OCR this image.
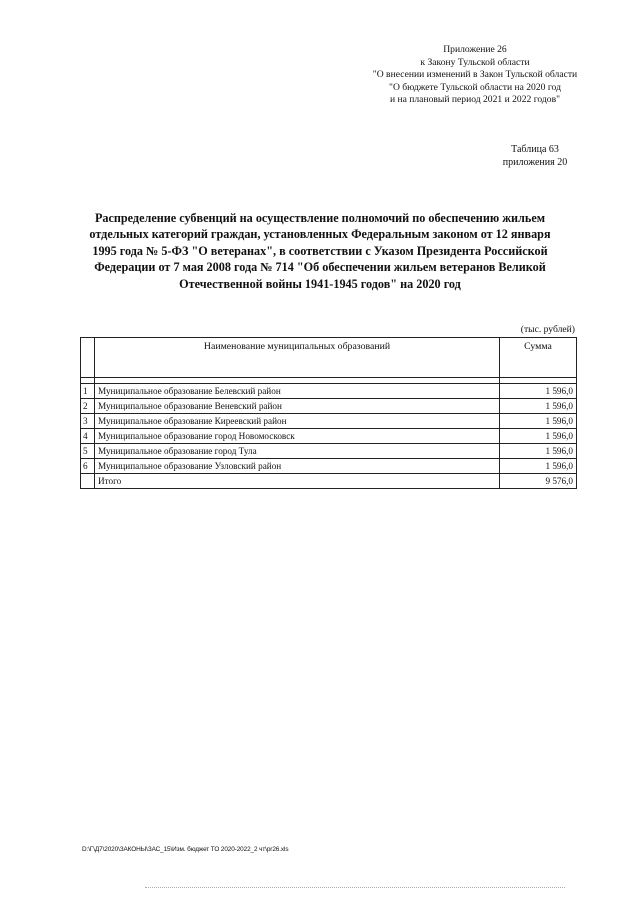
Приложение 26
к Закону Тульской области
"О внесении изменений в Закон Тульской области
"О бюджете Тульской области на 2020 год
и на плановый период 2021 и 2022 годов"
Таблица 63
приложения 20
Распределение субвенций на осуществление полномочий по обеспечению жильем
отдельных категорий граждан, установленных Федеральным законом от 12 января
1995 года № 5-ФЗ "О ветеранах", в соответствии с Указом Президента Российской
Федерации от 7 мая 2008 года № 714 "Об обеспечении жильем ветеранов Великой
Отечественной войны 1941-1945 годов" на 2020 год
(тыс. рублей)
	Наименование муниципальных образований	Сумма

1	Муниципальное образование Белевский район	1 596,0
2	Муниципальное образование Веневский район	1 596,0
3	Муниципальное образование Киреевский район	1 596,0
4	Муниципальное образование город Новомосковск	1 596,0
5	Муниципальное образование город Тула	1 596,0
6	Муниципальное образование Узловский район	1 596,0
	Итого	9 576,0
D:\Г\Д7\2020\ЗАКОНЫ\ЗАС_15\Изм. бюджет ТО 2020-2022_2 чт\pr26.xls
